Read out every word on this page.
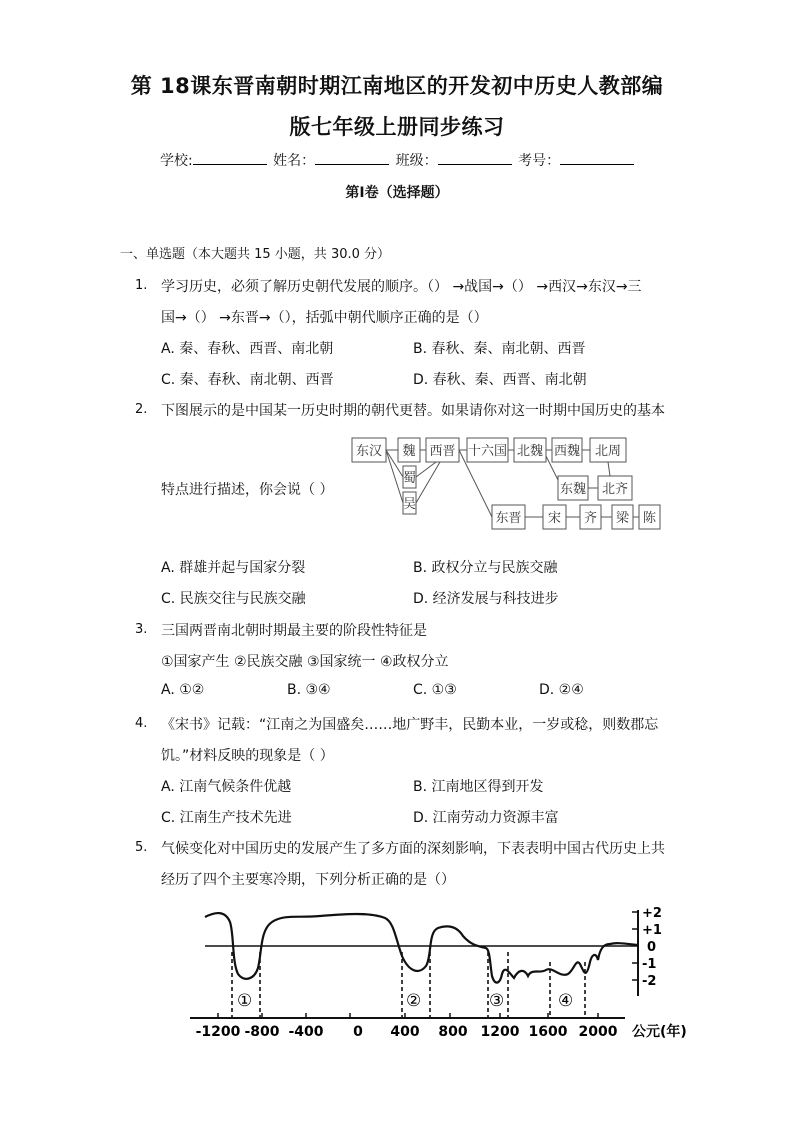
第 18课东晋南朝时期江南地区的开发初中历史人教部编
版七年级上册同步练习
学校:	姓名：	班级：	考号：
第I卷（选择题）
一、单选题（本大题共 15 小题，共 30.0 分）
1. 学习历史，必须了解历史朝代发展的顺序。（） →战国→（） →西汉→东汉→三
国→（） →东晋→（），括弧中朝代顺序正确的是（）
A. 秦、春秋、西晋、南北朝	B. 春秋、秦、南北朝、西晋
C. 秦、春秋、南北朝、西晋	D. 春秋、秦、西晋、南北朝
2. 下图展示的是中国某一历史时期的朝代更替。如果请你对这一时期中国历史的基本
特点进行描述，你会说（ ）
东汉 魏 西晋 十六国 北魏 西魏 北周
蜀
吴
东魏 北齐
东晋 宋 齐 梁 陈
A. 群雄并起与国家分裂	B. 政权分立与民族交融
C. 民族交往与民族交融	D. 经济发展与科技进步
3. 三国两晋南北朝时期最主要的阶段性特征是
①国家产生 ②民族交融 ③国家统一 ④政权分立
A. ①②	B. ③④	C. ①③	D. ②④
4. 《宋书》记载：“江南之为国盛矣……地广野丰，民勤本业，一岁或稔，则数郡忘
饥。”材料反映的现象是（ ）
A. 江南气候条件优越	B. 江南地区得到开发
C. 江南生产技术先进	D. 江南劳动力资源丰富
5. 气候变化对中国历史的发展产生了多方面的深刻影响，下表表明中国古代历史上共
经历了四个主要寒冷期，下列分析正确的是（）
+2
+1
0
-1
-2
①	②	③	④
-1200 -800 -400 0 400 800 1200 1600 2000 公元(年)
